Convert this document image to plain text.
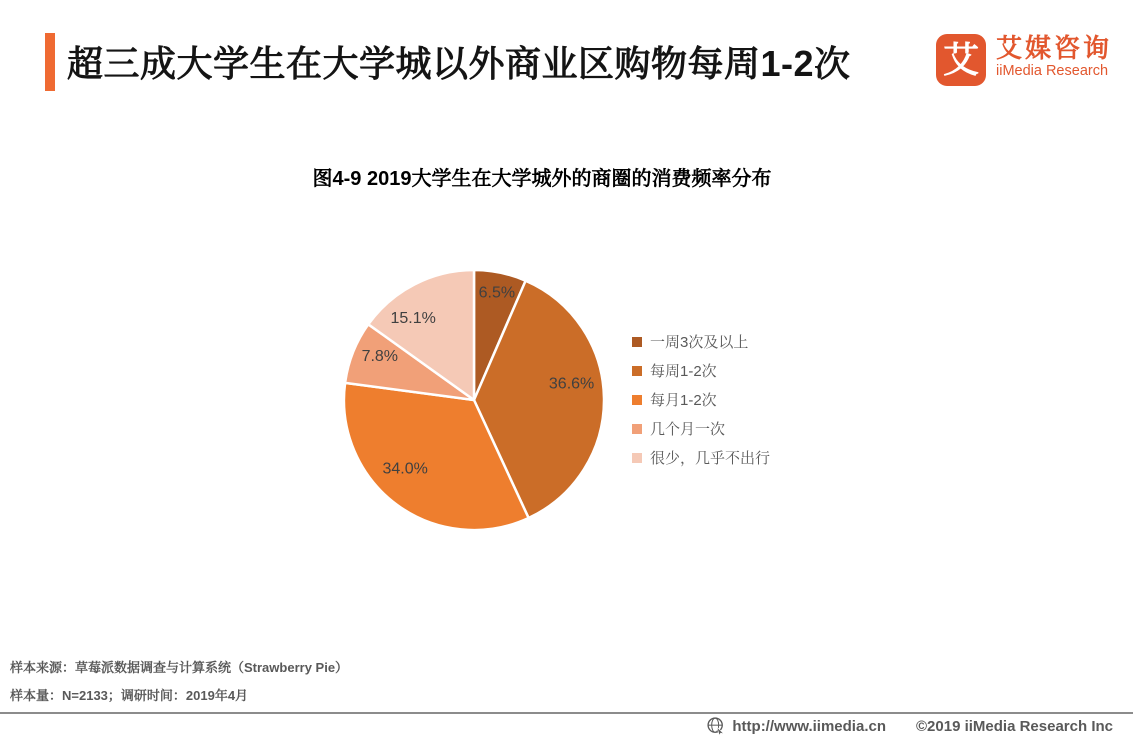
超三成大学生在大学城以外商业区购物每周1-2次	艾 艾媒咨询
iiMedia Research
图4-9 2019大学生在大学城外的商圈的消费频率分布
6.5%
36.6%
34.0%
7.8%
15.1%
一周3次及以上
每周1-2次
每月1-2次
几个月一次
很少，几乎不出行
样本来源：草莓派数据调查与计算系统（Strawberry Pie）
样本量：N=2133；调研时间：2019年4月
http://www.iimedia.cn ©2019 iiMedia Research Inc
